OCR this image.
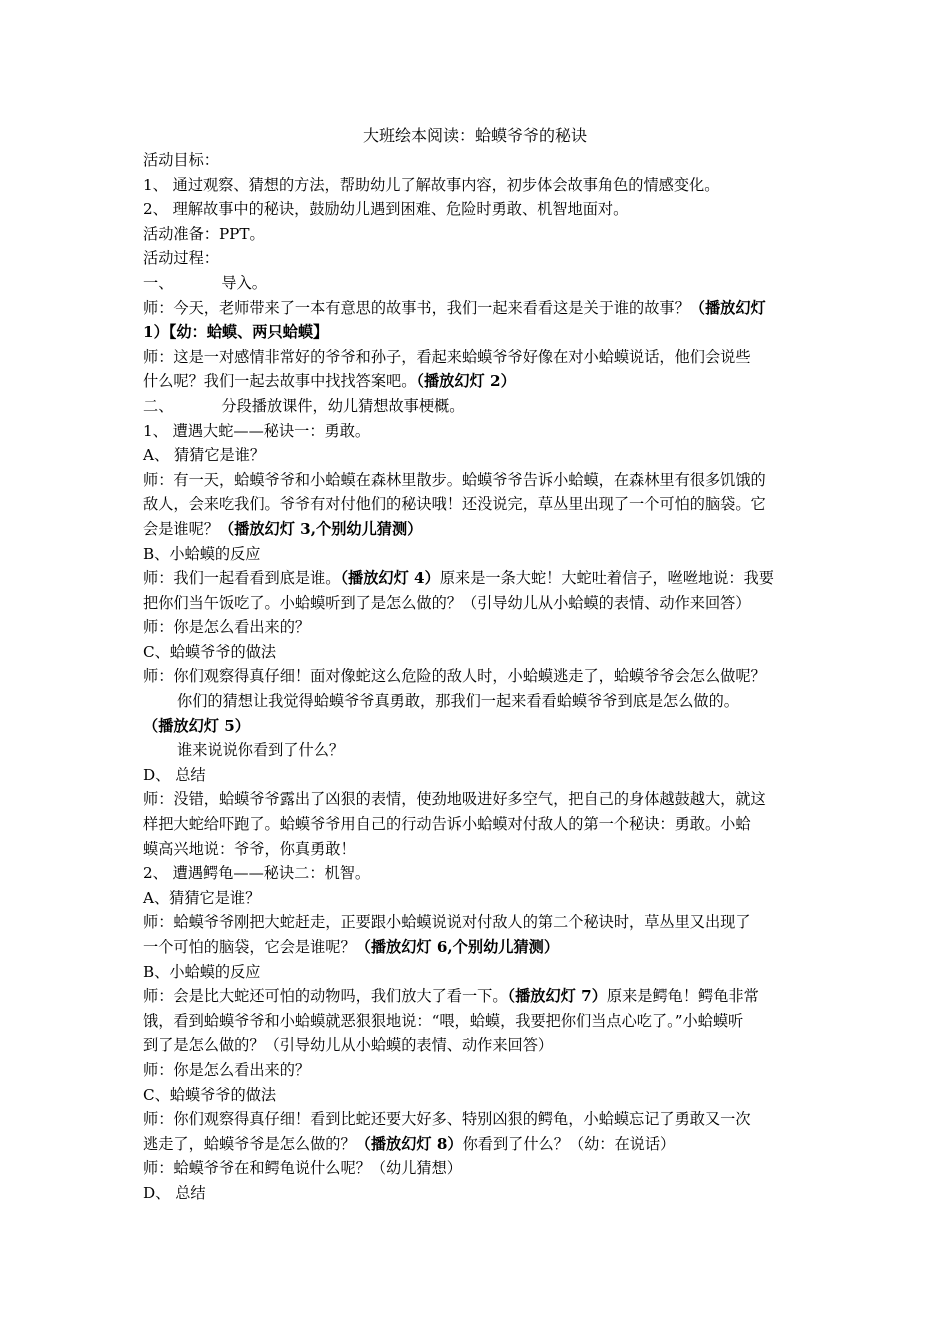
大班绘本阅读：蛤蟆爷爷的秘诀
活动目标：
1、 通过观察、猜想的方法，帮助幼儿了解故事内容，初步体会故事角色的情感变化。
2、 理解故事中的秘诀，鼓励幼儿遇到困难、危险时勇敢、机智地面对。
活动准备：PPT。
活动过程：
一、	导入。
师：今天，老师带来了一本有意思的故事书，我们一起来看看这是关于谁的故事？（播放幻灯
1）【幼：蛤蟆、两只蛤蟆】
师：这是一对感情非常好的爷爷和孙子，看起来蛤蟆爷爷好像在对小蛤蟆说话，他们会说些
什么呢？我们一起去故事中找找答案吧。（播放幻灯 2）
二、	分段播放课件，幼儿猜想故事梗概。
1、 遭遇大蛇——秘诀一：勇敢。
A、 猜猜它是谁？
师：有一天，蛤蟆爷爷和小蛤蟆在森林里散步。蛤蟆爷爷告诉小蛤蟆，在森林里有很多饥饿的
敌人，会来吃我们。爷爷有对付他们的秘诀哦！还没说完，草丛里出现了一个可怕的脑袋。它
会是谁呢？（播放幻灯 3,个别幼儿猜测）
B、小蛤蟆的反应
师：我们一起看看到底是谁。（播放幻灯 4）原来是一条大蛇！大蛇吐着信子，咝咝地说：我要
把你们当午饭吃了。小蛤蟆听到了是怎么做的？（引导幼儿从小蛤蟆的表情、动作来回答）
师：你是怎么看出来的？
C、蛤蟆爷爷的做法
师：你们观察得真仔细！面对像蛇这么危险的敌人时，小蛤蟆逃走了，蛤蟆爷爷会怎么做呢？
你们的猜想让我觉得蛤蟆爷爷真勇敢，那我们一起来看看蛤蟆爷爷到底是怎么做的。
（播放幻灯 5）
谁来说说你看到了什么？
D、 总结
师：没错，蛤蟆爷爷露出了凶狠的表情，使劲地吸进好多空气，把自己的身体越鼓越大，就这
样把大蛇给吓跑了。蛤蟆爷爷用自己的行动告诉小蛤蟆对付敌人的第一个秘诀：勇敢。小蛤
蟆高兴地说：爷爷，你真勇敢！
2、 遭遇鳄龟——秘诀二：机智。
A、猜猜它是谁？
师：蛤蟆爷爷刚把大蛇赶走，正要跟小蛤蟆说说对付敌人的第二个秘诀时，草丛里又出现了
一个可怕的脑袋，它会是谁呢？（播放幻灯 6,个别幼儿猜测）
B、小蛤蟆的反应
师：会是比大蛇还可怕的动物吗，我们放大了看一下。（播放幻灯 7）原来是鳄龟！鳄龟非常
饿，看到蛤蟆爷爷和小蛤蟆就恶狠狠地说：“喂，蛤蟆，我要把你们当点心吃了。”小蛤蟆听
到了是怎么做的？（引导幼儿从小蛤蟆的表情、动作来回答）
师：你是怎么看出来的？
C、蛤蟆爷爷的做法
师：你们观察得真仔细！看到比蛇还要大好多、特别凶狠的鳄龟，小蛤蟆忘记了勇敢又一次
逃走了，蛤蟆爷爷是怎么做的？（播放幻灯 8）你看到了什么？（幼：在说话）
师：蛤蟆爷爷在和鳄龟说什么呢？（幼儿猜想）
D、 总结
